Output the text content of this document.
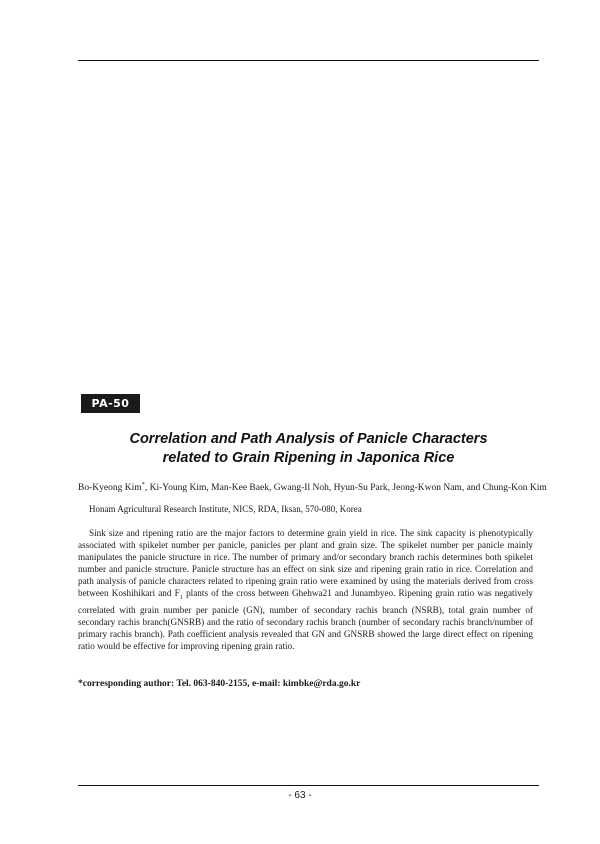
PA-50
Correlation and Path Analysis of Panicle Characters
related to Grain Ripening in Japonica Rice
Bo-Kyeong Kim*, Ki-Young Kim, Man-Kee Baek, Gwang-Il Noh, Hyun-Su Park, Jeong-Kwon Nam, and Chung-Kon Kim
Honam Agricultural Research Institute, NICS, RDA, Iksan, 570-080, Korea

Sink size and ripening ratio are the major factors to determine grain yield in rice. The sink capacity is phenotypically associated with spikelet number per panicle, panicles per plant and grain size. The spikelet number per panicle mainly manipulates the panicle structure in rice. The number of primary and/or secondary branch rachis determines both spikelet number and panicle structure. Panicle structure has an effect on sink size and ripening grain ratio in rice. Correlation and path analysis of panicle characters related to ripening grain ratio were examined by using the materials derived from cross between Koshihikari and $F_1$ plants of the cross between Ghehwa21 and Junambyeo. Ripening grain ratio was negatively correlated with grain number per panicle (GN), number of secondary rachis branch (NSRB), total grain number of secondary rachis branch(GNSRB) and the ratio of secondary rachis branch (number of secondary rachis branch/number of primary rachis branch). Path coefficient analysis revealed that GN and GNSRB showed the large direct effect on ripening ratio would be effective for improving ripening grain ratio.

*corresponding author: Tel. 063-840-2155, e-mail: kimbke@rda.go.kr
- 63 -
